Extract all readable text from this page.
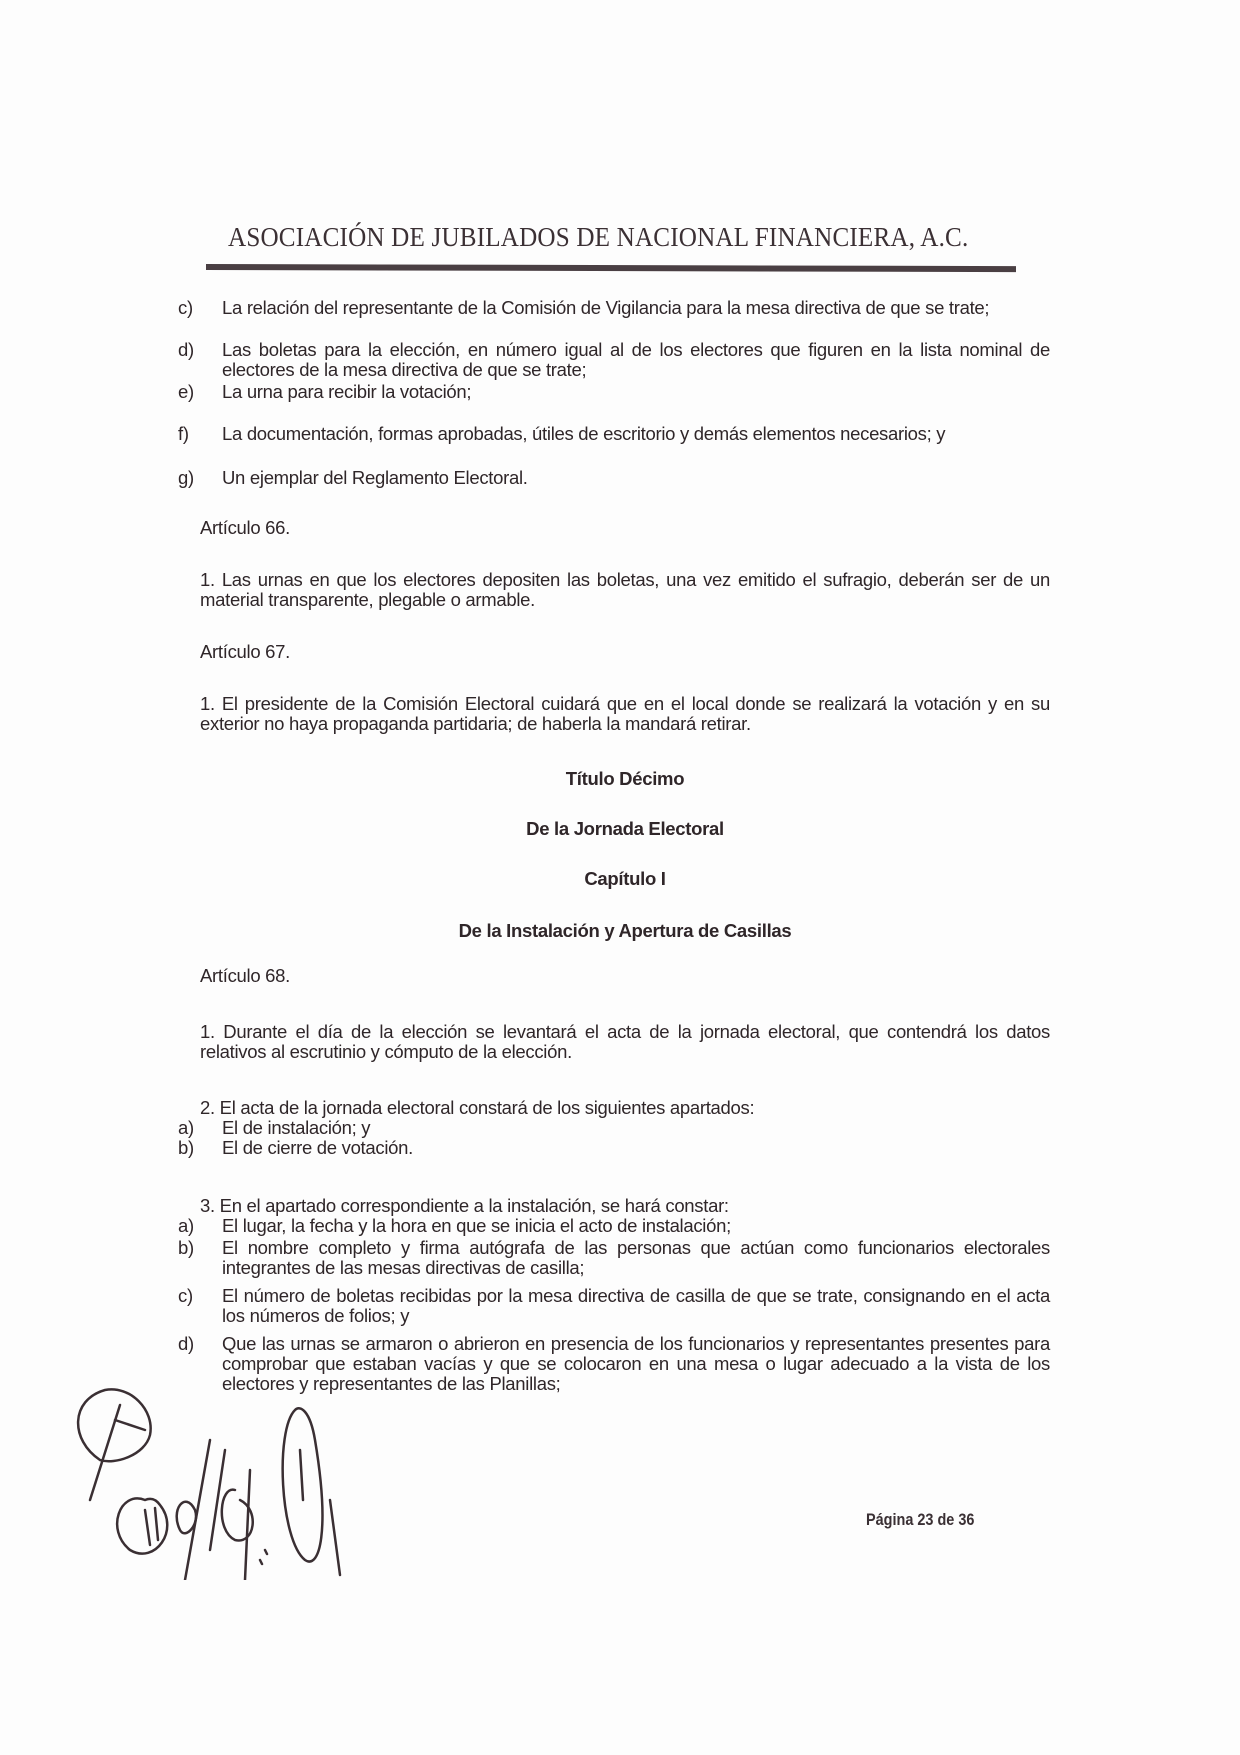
ASOCIACIÓN DE JUBILADOS DE NACIONAL FINANCIERA, A.C.
c) La relación del representante de la Comisión de Vigilancia para la mesa directiva de que se trate;
d) Las boletas para la elección, en número igual al de los electores que figuren en la lista nominal de electores de la mesa directiva de que se trate;
e) La urna para recibir la votación;
f) La documentación, formas aprobadas, útiles de escritorio y demás elementos necesarios; y
g) Un ejemplar del Reglamento Electoral.
Artículo 66.
1. Las urnas en que los electores depositen las boletas, una vez emitido el sufragio, deberán ser de un material transparente, plegable o armable.
Artículo 67.
1. El presidente de la Comisión Electoral cuidará que en el local donde se realizará la votación y en su exterior no haya propaganda partidaria; de haberla la mandará retirar.
Título Décimo
De la Jornada Electoral
Capítulo I
De la Instalación y Apertura de Casillas
Artículo 68.
1. Durante el día de la elección se levantará el acta de la jornada electoral, que contendrá los datos relativos al escrutinio y cómputo de la elección.
2. El acta de la jornada electoral constará de los siguientes apartados:
a) El de instalación; y
b) El de cierre de votación.
3. En el apartado correspondiente a la instalación, se hará constar:
a) El lugar, la fecha y la hora en que se inicia el acto de instalación;
b) El nombre completo y firma autógrafa de las personas que actúan como funcionarios electorales integrantes de las mesas directivas de casilla;
c) El número de boletas recibidas por la mesa directiva de casilla de que se trate, consignando en el acta los números de folios; y
d) Que las urnas se armaron o abrieron en presencia de los funcionarios y representantes presentes para comprobar que estaban vacías y que se colocaron en una mesa o lugar adecuado a la vista de los electores y representantes de las Planillas;
Página 23 de 36
